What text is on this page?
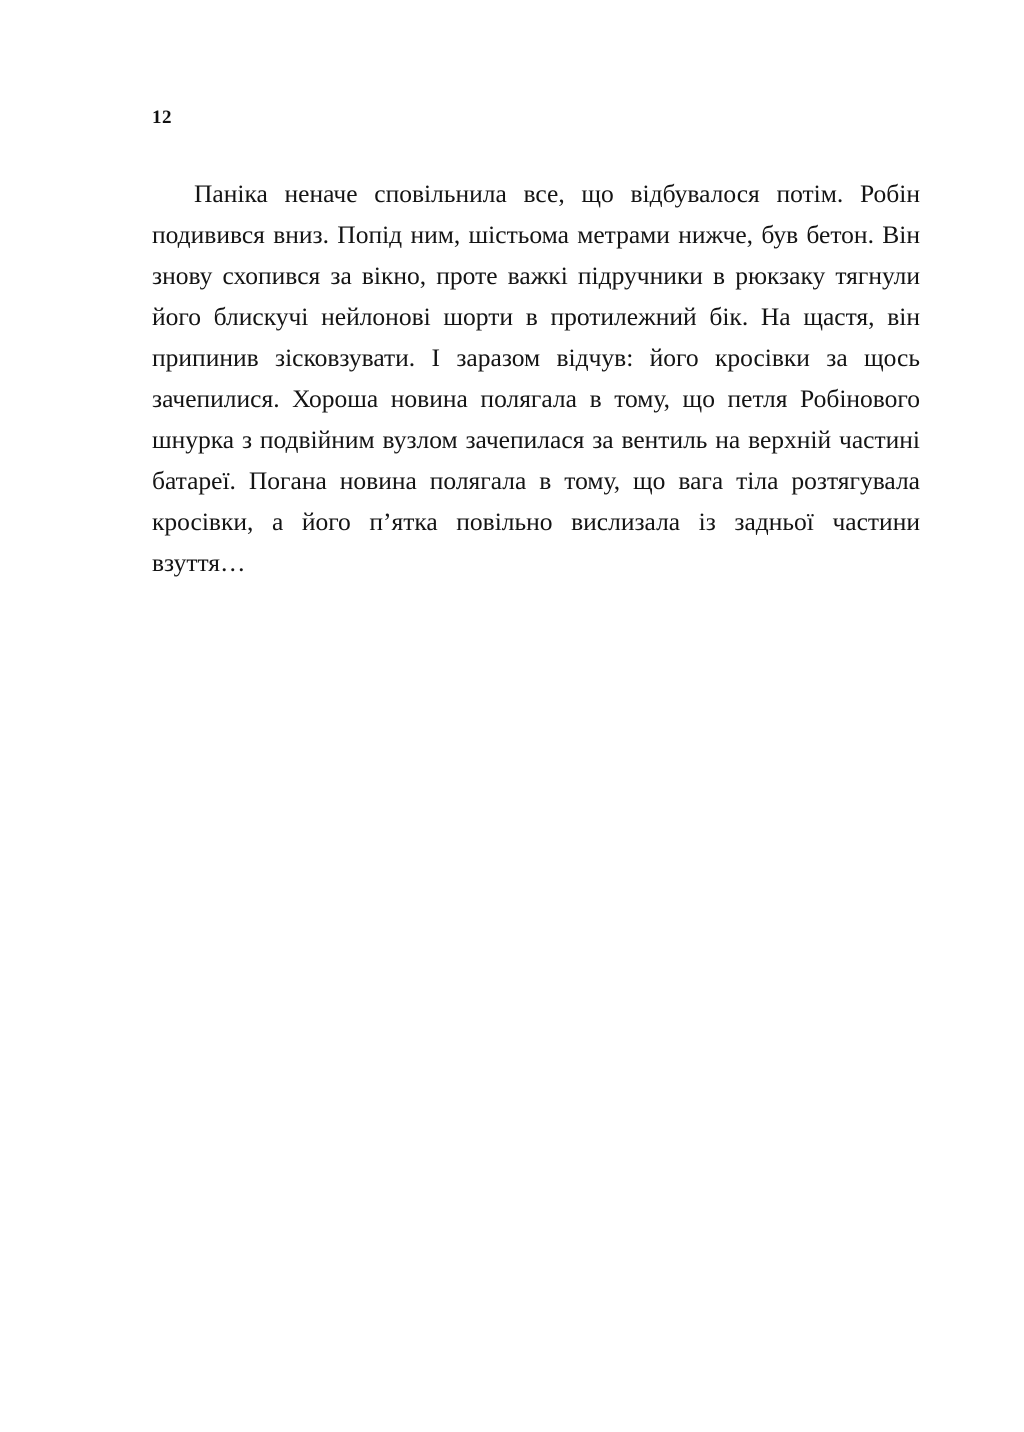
12

Паніка неначе сповільнила все, що відбувалося потім. Робін подивився вниз. Попід ним, шістьома метрами нижче, був бетон. Він знову схопився за вікно, проте важкі підручники в рюкзаку тягнули його блискучі нейлонові шорти в протилежний бік. На щастя, він припинив зісковзувати. І заразом відчув: його кросівки за щось зачепилися. Хороша новина полягала в тому, що петля Робінового шнурка з подвійним вузлом зачепилася за вентиль на верхній частині батареї. Погана новина полягала в тому, що вага тіла розтягувала кросівки, а його п’ятка повільно вислизала із задньої частини взуття…
